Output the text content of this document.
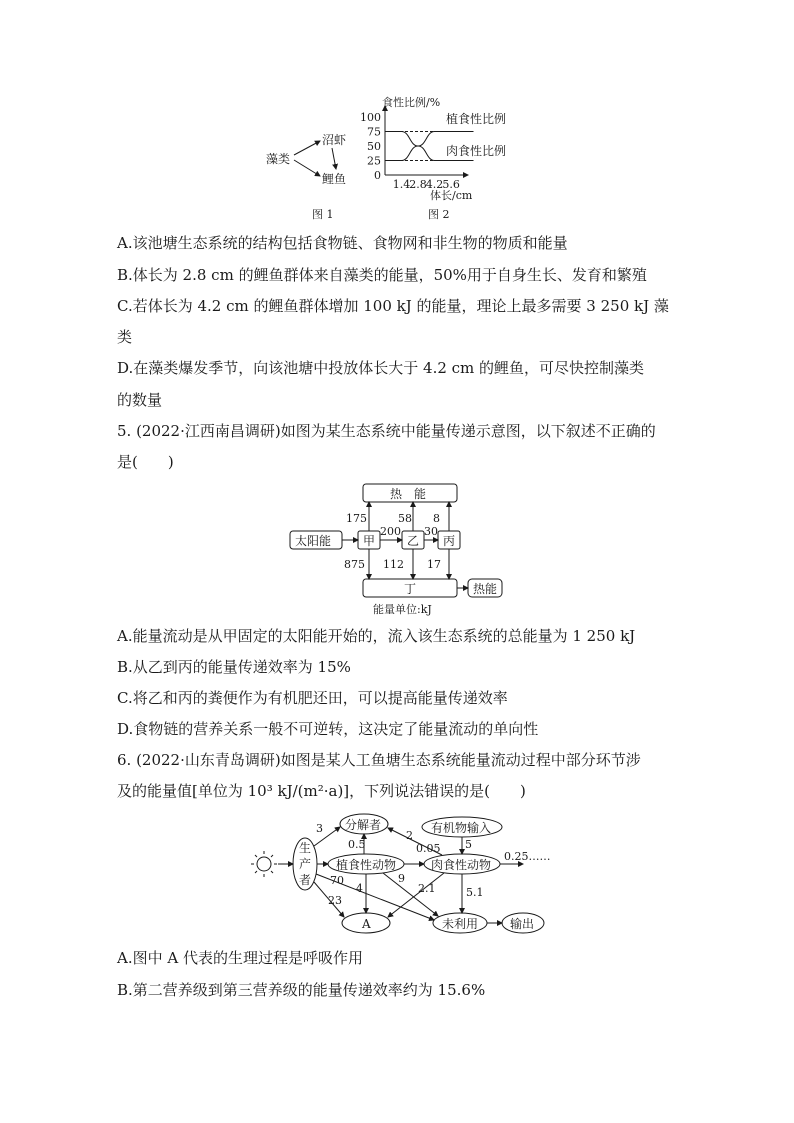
藻类
沼虾
鲤鱼
图 1
食性比例/%
体长/cm
100
75
50
25
0
1.4 2.8 4.2 5.6
植食性比例
肉食性比例
图 2
A.该池塘生态系统的结构包括食物链、食物网和非生物的物质和能量
B.体长为 2.8 cm 的鲤鱼群体来自藻类的能量，50%用于自身生长、发育和繁殖
C.若体长为 4.2 cm 的鲤鱼群体增加 100 kJ 的能量，理论上最多需要 3 250 kJ 藻
类
D.在藻类爆发季节，向该池塘中投放体长大于 4.2 cm 的鲤鱼，可尽快控制藻类
的数量
5. (2022·江西南昌调研)如图为某生态系统中能量传递示意图，以下叙述不正确的
是(　　)
热　能
太阳能	甲	乙 丙
丁	热能
175	58 8
200 30
875 112 17
能量单位:kJ
A.能量流动是从甲固定的太阳能开始的，流入该生态系统的总能量为 1 250 kJ
B.从乙到丙的能量传递效率为 15%
C.将乙和丙的粪便作为有机肥还田，可以提高能量传递效率
D.食物链的营养关系一般不可逆转，这决定了能量流动的单向性
6. (2022·山东青岛调研)如图是某人工鱼塘生态系统能量流动过程中部分环节涉
及的能量值[单位为 10³ kJ/(m²·a)]，下列说法错误的是(　　)
生
产
者
分解者	有机物输入
植食性动物	肉食性动物
A	未利用	输出
3
0.5
2
0.05 5
0.25……
70
4
9
2.1	5.1
23
A.图中 A 代表的生理过程是呼吸作用
B.第二营养级到第三营养级的能量传递效率约为 15.6%
